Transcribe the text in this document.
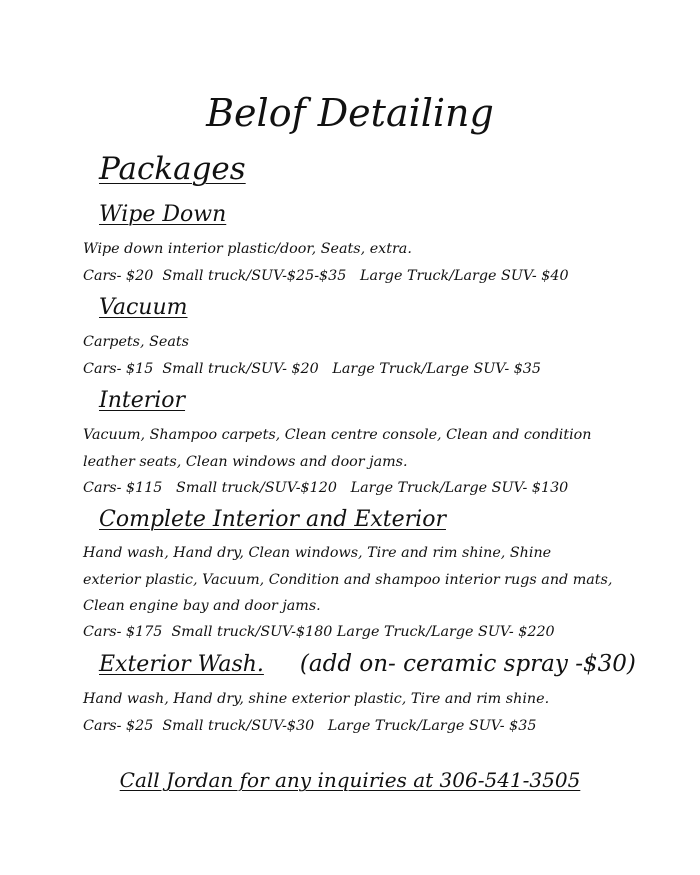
Belof Detailing
Packages
Wipe Down

Wipe down interior plastic/door, Seats, extra.

Cars- $20  Small truck/SUV-$25-$35   Large Truck/Large SUV- $40

Vacuum

Carpets, Seats

Cars- $15  Small truck/SUV- $20   Large Truck/Large SUV- $35

Interior

Vacuum, Shampoo carpets, Clean centre console, Clean and condition leather seats, Clean windows and door jams.

Cars- $115   Small truck/SUV-$120   Large Truck/Large SUV- $130

Complete Interior and Exterior

Hand wash, Hand dry, Clean windows, Tire and rim shine, Shine exterior plastic, Vacuum, Condition and shampoo interior rugs and mats, Clean engine bay and door jams.

Cars- $175  Small truck/SUV-$180 Large Truck/Large SUV- $220

Exterior Wash. (add on- ceramic spray -$30)

Hand wash, Hand dry, shine exterior plastic, Tire and rim shine.

Cars- $25  Small truck/SUV-$30   Large Truck/Large SUV- $35

Call Jordan for any inquiries at 306-541-3505
